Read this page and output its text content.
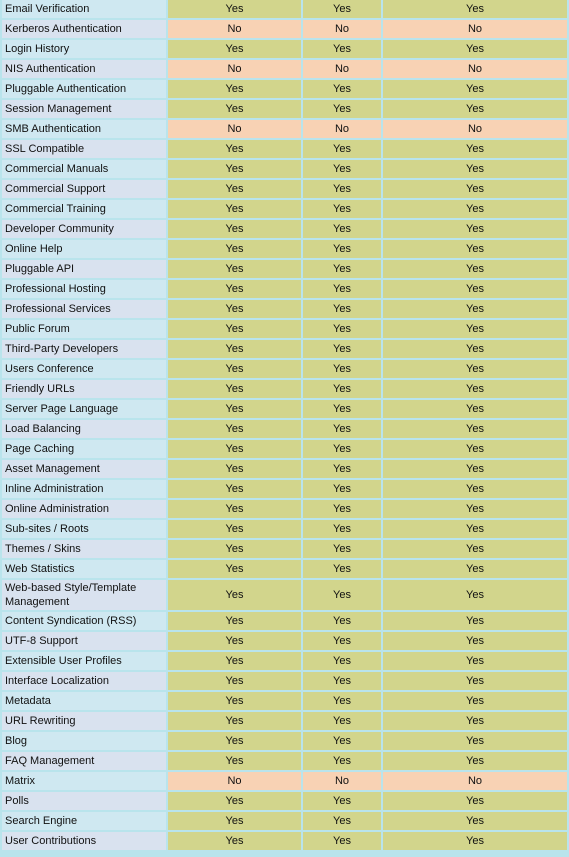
Email Verification	Yes	Yes	Yes
Kerberos Authentication	No	No	No
Login History	Yes	Yes	Yes
NIS Authentication	No	No	No
Pluggable Authentication	Yes	Yes	Yes
Session Management	Yes	Yes	Yes
SMB Authentication	No	No	No
SSL Compatible	Yes	Yes	Yes
Commercial Manuals	Yes	Yes	Yes
Commercial Support	Yes	Yes	Yes
Commercial Training	Yes	Yes	Yes
Developer Community	Yes	Yes	Yes
Online Help	Yes	Yes	Yes
Pluggable API	Yes	Yes	Yes
Professional Hosting	Yes	Yes	Yes
Professional Services	Yes	Yes	Yes
Public Forum	Yes	Yes	Yes
Third-Party Developers	Yes	Yes	Yes
Users Conference	Yes	Yes	Yes
Friendly URLs	Yes	Yes	Yes
Server Page Language	Yes	Yes	Yes
Load Balancing	Yes	Yes	Yes
Page Caching	Yes	Yes	Yes
Asset Management	Yes	Yes	Yes
Inline Administration	Yes	Yes	Yes
Online Administration	Yes	Yes	Yes
Sub-sites / Roots	Yes	Yes	Yes
Themes / Skins	Yes	Yes	Yes
Web Statistics	Yes	Yes	Yes
Web-based Style/Template Management	Yes	Yes	Yes
Content Syndication (RSS)	Yes	Yes	Yes
UTF-8 Support	Yes	Yes	Yes
Extensible User Profiles	Yes	Yes	Yes
Interface Localization	Yes	Yes	Yes
Metadata	Yes	Yes	Yes
URL Rewriting	Yes	Yes	Yes
Blog	Yes	Yes	Yes
FAQ Management	Yes	Yes	Yes
Matrix	No	No	No
Polls	Yes	Yes	Yes
Search Engine	Yes	Yes	Yes
User Contributions	Yes	Yes	Yes
